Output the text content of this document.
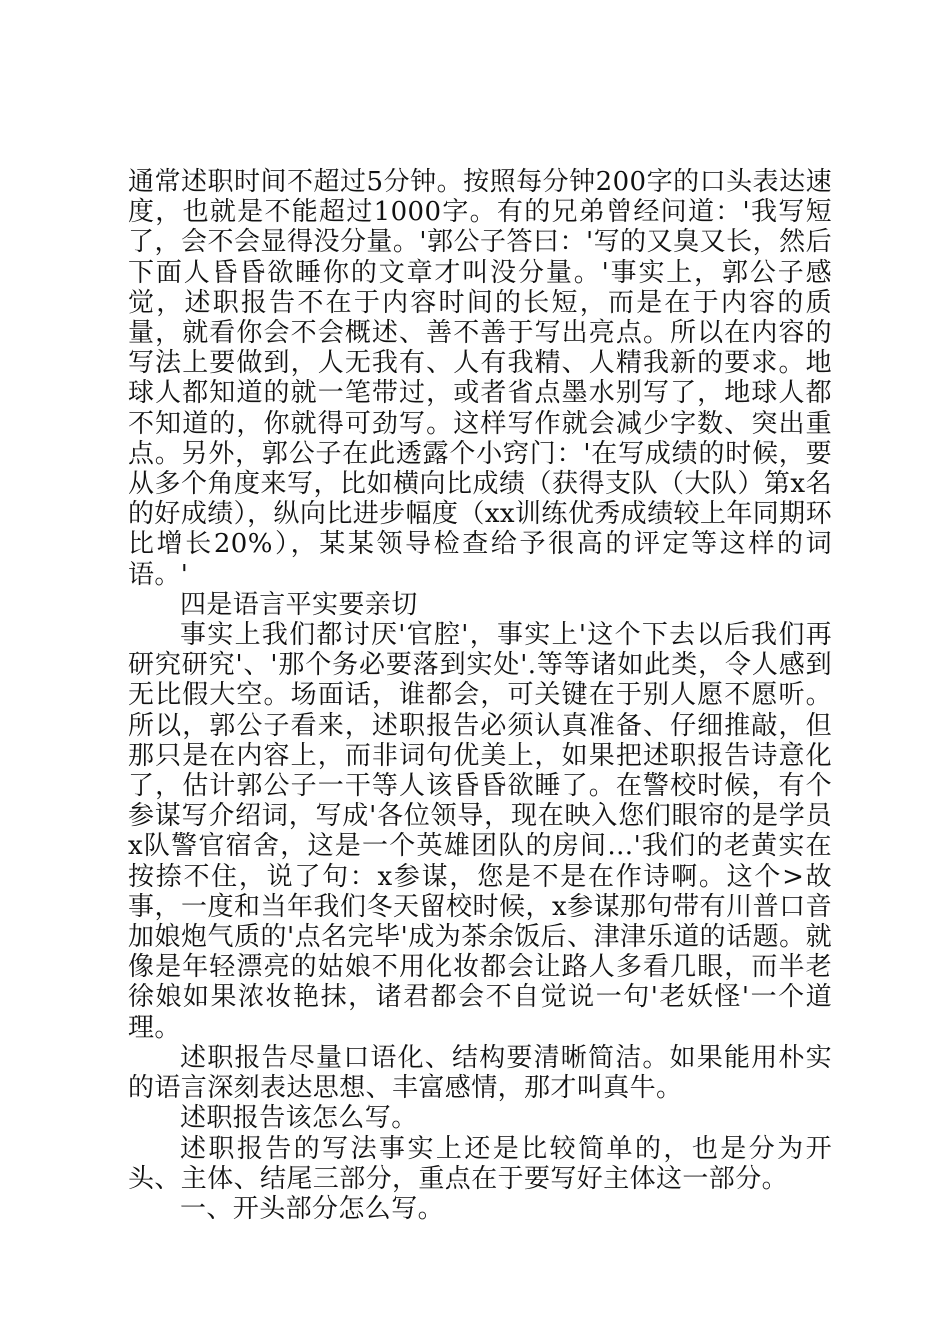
通常述职时间不超过5分钟。按照每分钟200字的口头表达速度，也就是不能超过1000字。有的兄弟曾经问道：'我写短了，会不会显得没分量。'郭公子答曰：'写的又臭又长，然后下面人昏昏欲睡你的文章才叫没分量。'事实上，郭公子感觉，述职报告不在于内容时间的长短，而是在于内容的质量，就看你会不会概述、善不善于写出亮点。所以在内容的写法上要做到，人无我有、人有我精、人精我新的要求。地球人都知道的就一笔带过，或者省点墨水别写了，地球人都不知道的，你就得可劲写。这样写作就会减少字数、突出重点。另外，郭公子在此透露个小窍门：'在写成绩的时候，要从多个角度来写，比如横向比成绩（获得支队（大队）第x名的好成绩），纵向比进步幅度（xx训练优秀成绩较上年同期环比增长20%），某某领导检查给予很高的评定等这样的词语。'

四是语言平实要亲切

事实上我们都讨厌'官腔'，事实上'这个下去以后我们再研究研究'、'那个务必要落到实处'.等等诸如此类，令人感到无比假大空。场面话，谁都会，可关键在于别人愿不愿听。所以，郭公子看来，述职报告必须认真准备、仔细推敲，但那只是在内容上，而非词句优美上，如果把述职报告诗意化了，估计郭公子一干等人该昏昏欲睡了。在警校时候，有个参谋写介绍词，写成'各位领导，现在映入您们眼帘的是学员x队警官宿舍，这是一个英雄团队的房间…'我们的老黄实在按捺不住，说了句：x参谋，您是不是在作诗啊。这个>故事，一度和当年我们冬天留校时候，x参谋那句带有川普口音加娘炮气质的'点名完毕'成为茶余饭后、津津乐道的话题。就像是年轻漂亮的姑娘不用化妆都会让路人多看几眼，而半老徐娘如果浓妆艳抹，诸君都会不自觉说一句'老妖怪'一个道理。

述职报告尽量口语化、结构要清晰简洁。如果能用朴实的语言深刻表达思想、丰富感情，那才叫真牛。

述职报告该怎么写。

述职报告的写法事实上还是比较简单的，也是分为开头、主体、结尾三部分，重点在于要写好主体这一部分。

一、开头部分怎么写。
